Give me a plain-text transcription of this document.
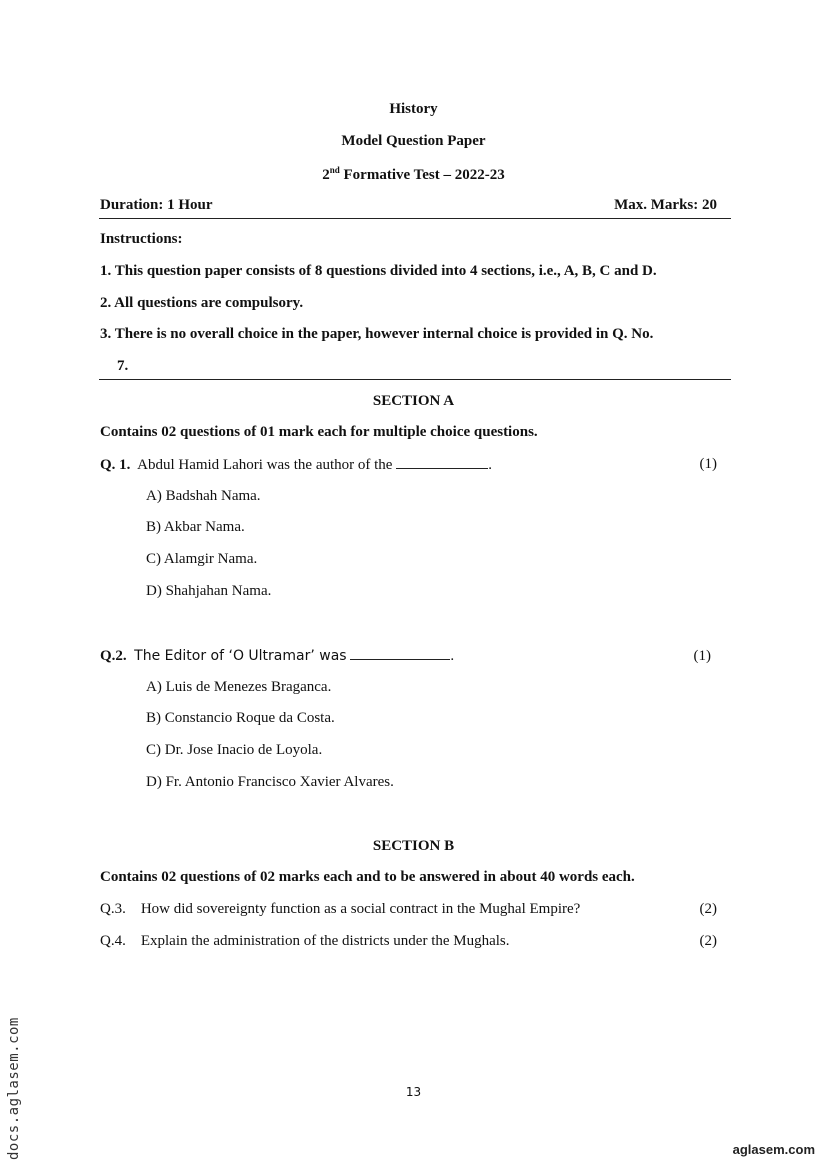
History
Model Question Paper
2nd Formative Test – 2022-23
Duration: 1 Hour	Max. Marks: 20
Instructions:
1. This question paper consists of 8 questions divided into 4 sections, i.e., A, B, C and D.
2. All questions are compulsory.
3. There is no overall choice in the paper, however internal choice is provided in Q. No.
7.
SECTION A
Contains 02 questions of 01 mark each for multiple choice questions.
Q. 1. Abdul Hamid Lahori was the author of the	.	(1)
A) Badshah Nama.
B) Akbar Nama.
C) Alamgir Nama.
D) Shahjahan Nama.
Q.2. The Editor of ‘O Ultramar’ was	.	(1)
A) Luis de Menezes Braganca.
B) Constancio Roque da Costa.
C) Dr. Jose Inacio de Loyola.
D) Fr. Antonio Francisco Xavier Alvares.
SECTION B
Contains 02 questions of 02 marks each and to be answered in about 40 words each.
Q.3. How did sovereignty function as a social contract in the Mughal Empire?	(2)
Q.4. Explain the administration of the districts under the Mughals.	(2)
13
docs.aglasem.com	aglasem.com
